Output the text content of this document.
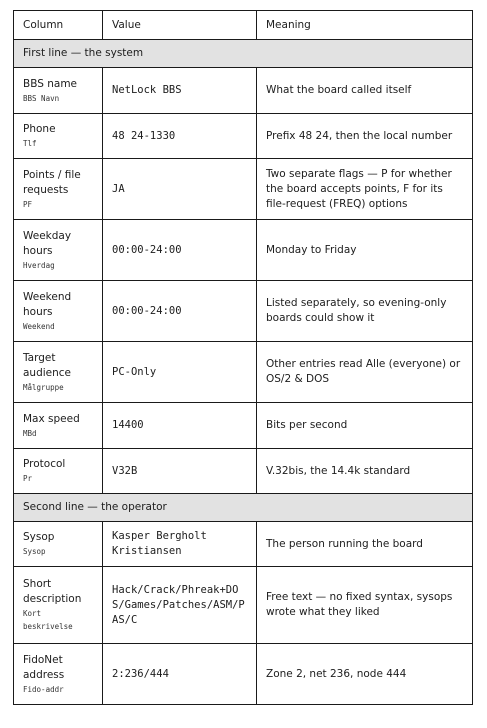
Column	Value	Meaning
First line — the system		

BBS name
BBS Navn	NetLock BBS	What the board called itself

Phone
Tlf	48 24-1330	Prefix 48 24, then the local number

Points / file requests
PF	JA	Two separate flags — P for whether the board accepts points, F for its file-request (FREQ) options

Weekday hours
Hverdag	00:00-24:00	Monday to Friday

Weekend hours
Weekend	00:00-24:00	Listed separately, so evening-only boards could show it

Target audience
Målgruppe	PC-Only	Other entries read Alle (everyone) or OS/2 & DOS

Max speed
MBd	14400	Bits per second

Protocol
Pr	V32B	V.32bis, the 14.4k standard
Second line — the operator		

Sysop
Sysop	Kasper Bergholt Kristiansen	The person running the board

Short description
Kort beskrivelse	Hack/Crack/Phreak+DOS/Games/Patches/ASM/PAS/C	Free text — no fixed syntax, sysops wrote what they liked

FidoNet address
Fido-addr	2:236/444	Zone 2, net 236, node 444
